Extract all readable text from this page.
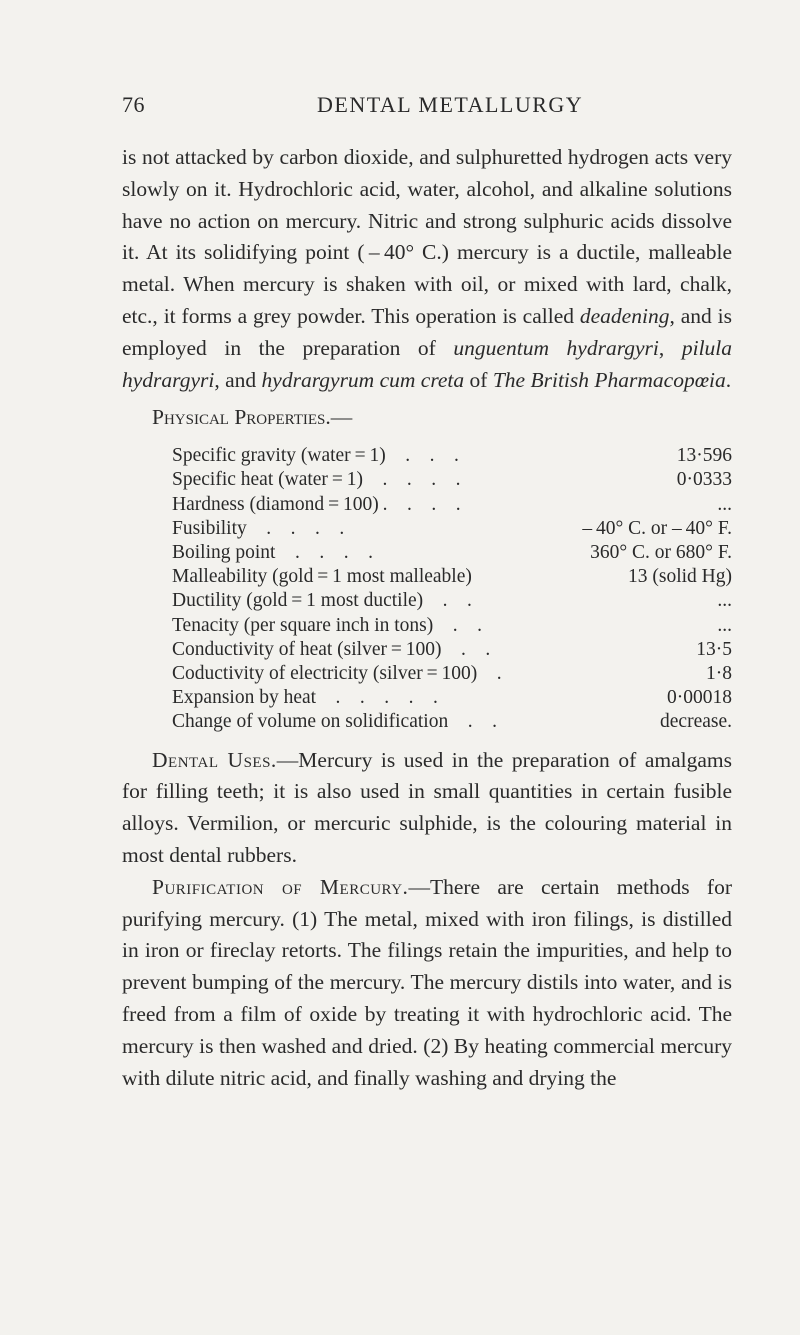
76	DENTAL METALLURGY

is not attacked by carbon dioxide, and sulphuretted hydrogen acts very slowly on it. Hydrochloric acid, water, alcohol, and alkaline solutions have no action on mercury. Nitric and strong sulphuric acids dissolve it. At its solidifying point ( – 40° C.) mercury is a ductile, malleable metal. When mercury is shaken with oil, or mixed with lard, chalk, etc., it forms a grey powder. This operation is called deadening, and is employed in the preparation of unguentum hydrargyri, pilula hydrargyri, and hydrargyrum cum creta of The British Pharmacopœia.

Physical Properties.—

Specific gravity (water = 1) . . .	13·596
Specific heat (water = 1) . . . .	0·0333
Hardness (diamond = 100) . . . .	...
Fusibility . . . .	– 40° C. or – 40° F.
Boiling point . . . .	360° C. or 680° F.
Malleability (gold = 1 most malleable)	13 (solid Hg)
Ductility (gold = 1 most ductile) . .	...
Tenacity (per square inch in tons) . .	...
Conductivity of heat (silver = 100) . .	13·5
Coductivity of electricity (silver = 100) .	1·8
Expansion by heat . . . . .	0·00018
Change of volume on solidification . .	decrease.

Dental Uses.—Mercury is used in the preparation of amalgams for filling teeth; it is also used in small quantities in certain fusible alloys. Vermilion, or mercuric sulphide, is the colouring material in most dental rubbers.

Purification of Mercury.—There are certain methods for purifying mercury. (1) The metal, mixed with iron filings, is distilled in iron or fireclay retorts. The filings retain the impurities, and help to prevent bumping of the mercury. The mercury distils into water, and is freed from a film of oxide by treating it with hydrochloric acid. The mercury is then washed and dried. (2) By heating commercial mercury with dilute nitric acid, and finally washing and drying the
